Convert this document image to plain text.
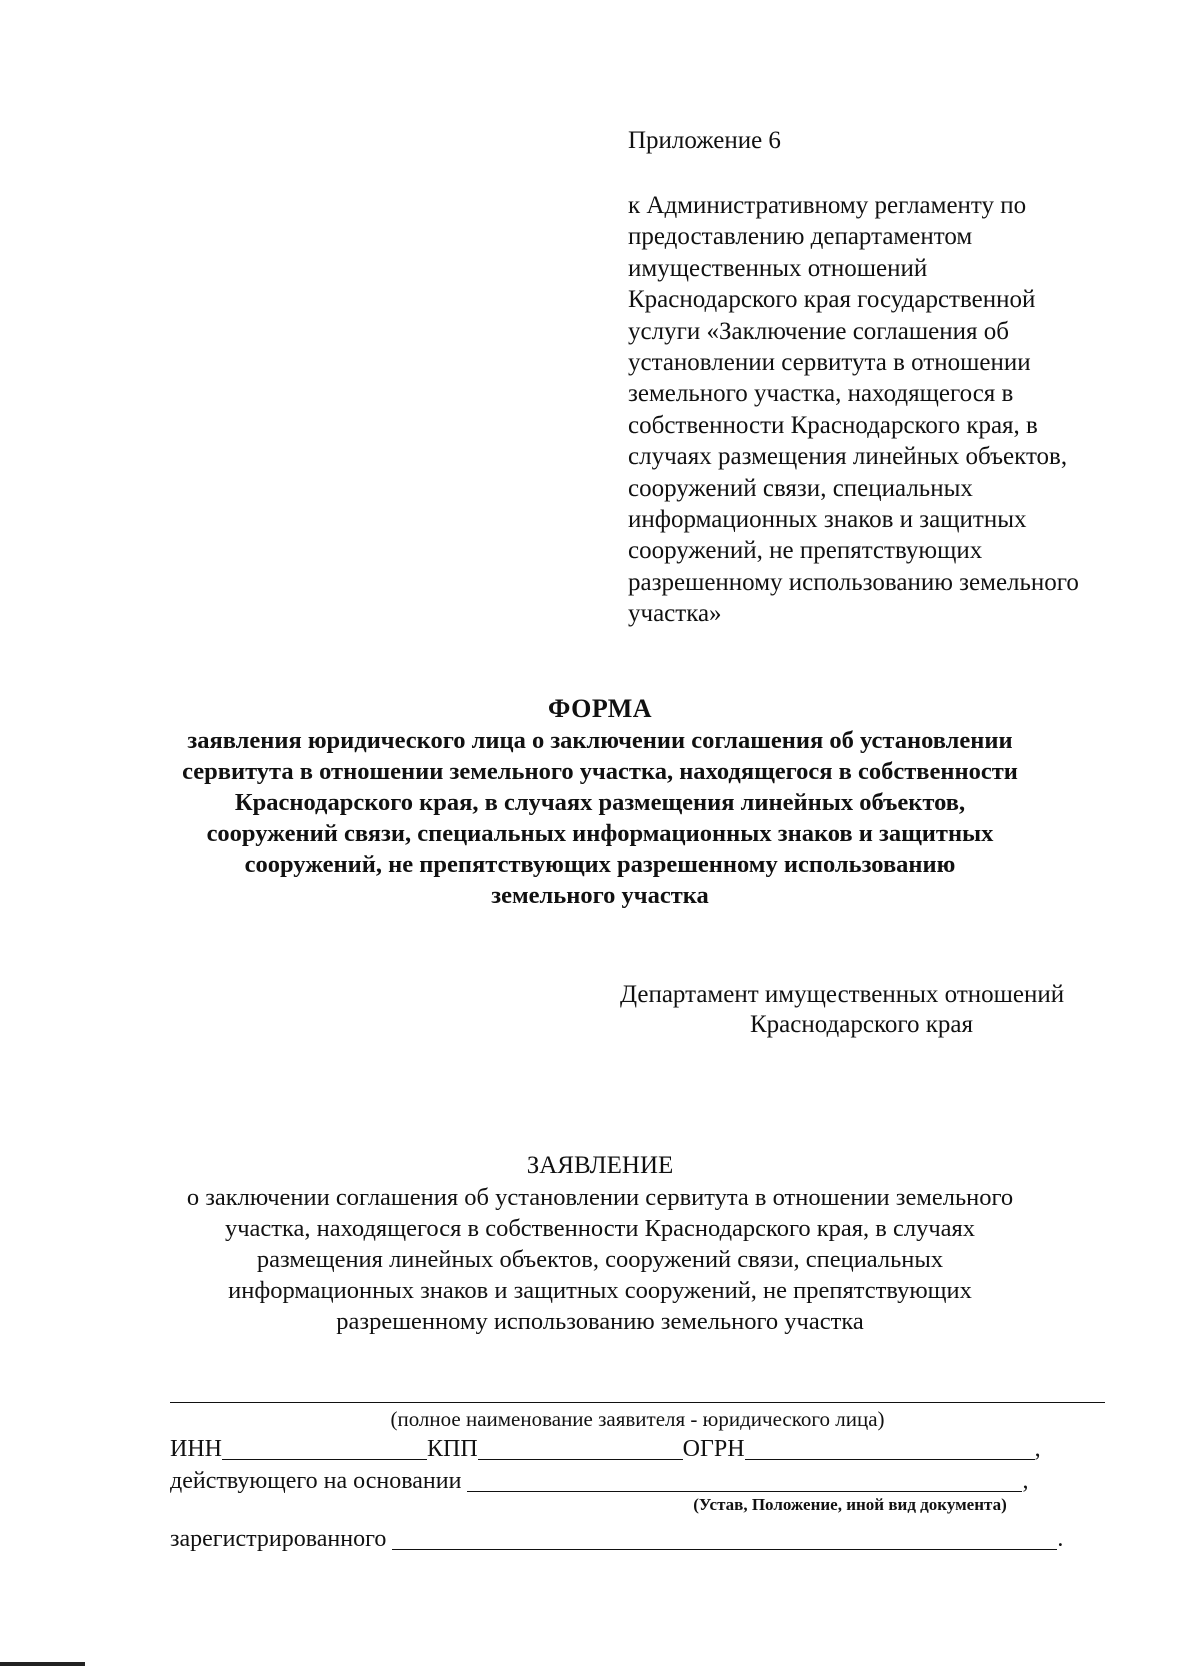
Приложение 6
к Административному регламенту по
предоставлению департаментом
имущественных отношений
Краснодарского края государственной
услуги «Заключение соглашения об
установлении сервитута в отношении
земельного участка, находящегося в
собственности Краснодарского края, в
случаях размещения линейных объектов,
сооружений связи, специальных
информационных знаков и защитных
сооружений, не препятствующих
разрешенному использованию земельного
участка»
ФОРМА
заявления юридического лица о заключении соглашения об установлении
сервитута в отношении земельного участка, находящегося в собственности
Краснодарского края, в случаях размещения линейных объектов,
сооружений связи, специальных информационных знаков и защитных
сооружений, не препятствующих разрешенному использованию
земельного участка
Департамент имущественных отношений
Краснодарского края
ЗАЯВЛЕНИЕ
о заключении соглашения об установлении сервитута в отношении земельного
участка, находящегося в собственности Краснодарского края, в случаях
размещения линейных объектов, сооружений связи, специальных
информационных знаков и защитных сооружений, не препятствующих
разрешенному использованию земельного участка
(полное наименование заявителя - юридического лица)
ИНН	КПП	ОГРН	,
действующего на основании	,
(Устав, Положение, иной вид документа)
зарегистрированного	.
